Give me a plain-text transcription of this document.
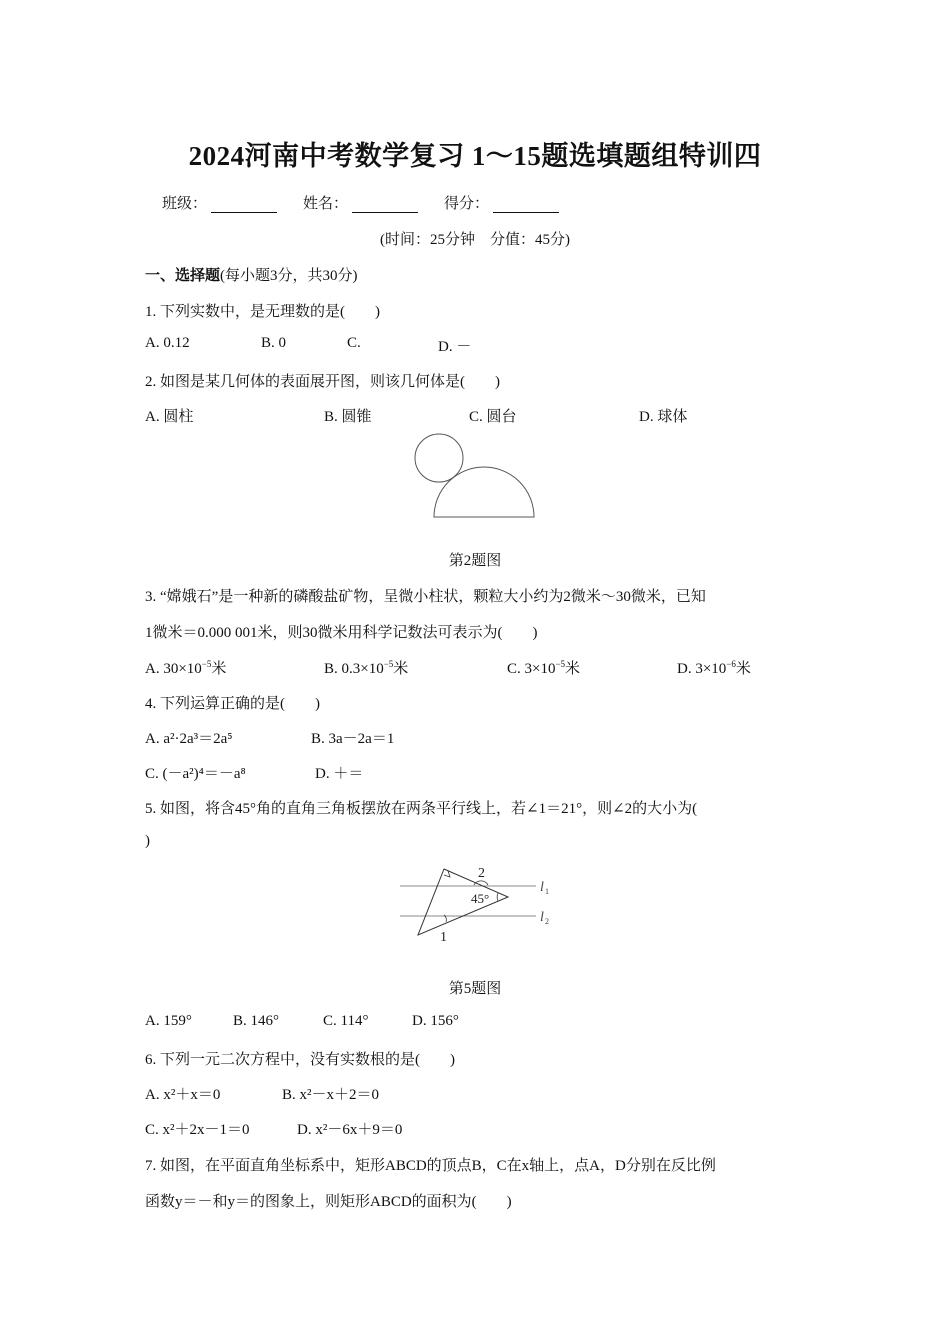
2024河南中考数学复习 1～15题选填题组特训四
班级：	姓名：	得分：
(时间：25分钟　分值：45分)
一、选择题(每小题3分，共30分)
1. 下列实数中，是无理数的是(　　)
A. 0.12	B. 0	C.	D. －
2. 如图是某几何体的表面展开图，则该几何体是(　　)
A. 圆柱	B. 圆锥	C. 圆台	D. 球体
第2题图
3. “嫦娥石”是一种新的磷酸盐矿物，呈微小柱状，颗粒大小约为2微米～30微米，已知
1微米＝0.000 001米，则30微米用科学记数法可表示为(　　)
A. $30\times 10^{-5}$米	B. $0.3\times 10^{-5}$米	C. $3\times 10^{-5}$米	D. $3\times 10^{-6}$米
4. 下列运算正确的是(　　)
A. a²·2a³＝2a⁵	B. 3a－2a＝1
C. (－a²)⁴＝－a⁸	D. ＋＝
5. 如图，将含45°角的直角三角板摆放在两条平行线上，若∠1＝21°，则∠2的大小为(
)
2
45°
1
l 1
l 2
第5题图
A. 159°	B. 146°	C. 114°	D. 156°
6. 下列一元二次方程中，没有实数根的是(　　)
A. x²＋x＝0	B. x²－x＋2＝0
C. x²＋2x－1＝0	D. x²－6x＋9＝0
7. 如图，在平面直角坐标系中，矩形ABCD的顶点B，C在x轴上，点A，D分别在反比例
函数y＝－和y＝的图象上，则矩形ABCD的面积为(　　)
